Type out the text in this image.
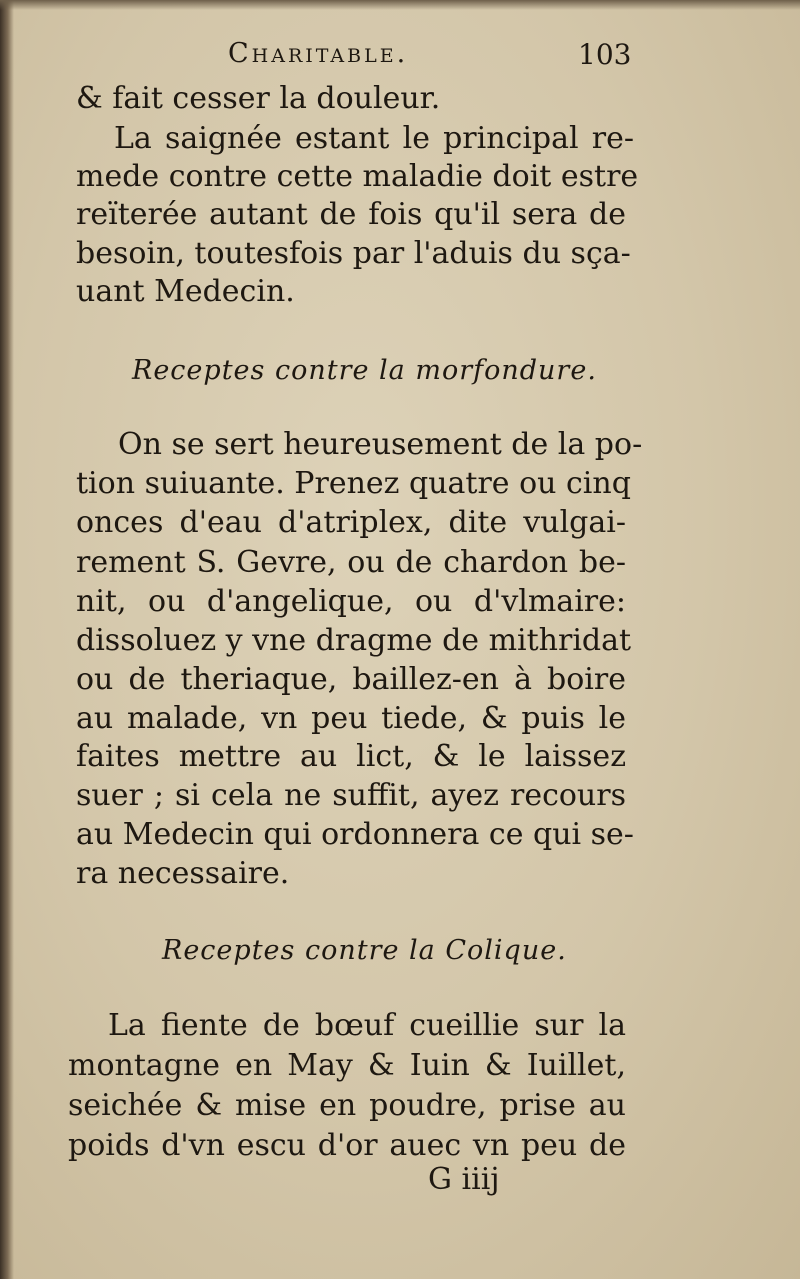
Charitable.	103
& fait cesser la douleur.
La saignée estant le principal re-
mede contre cette maladie doit estre
reïterée autant de fois qu'il sera de
besoin, toutesfois par l'aduis du sça-
uant Medecin.
Receptes contre la morfondure.
On se sert heureusement de la po-
tion suiuante. Prenez quatre ou cinq
onces d'eau d'atriplex, dite vulgai-
rement S. Gevre, ou de chardon be-
nit, ou d'angelique, ou d'vlmaire:
dissoluez y vne dragme de mithridat
ou de theriaque, baillez-en à boire
au malade, vn peu tiede, & puis le
faites mettre au lict, & le laissez
suer ; si cela ne suffit, ayez recours
au Medecin qui ordonnera ce qui se-
ra necessaire.
Receptes contre la Colique.
La fiente de bœuf cueillie sur la
montagne en May & Iuin & Iuillet,
seichée & mise en poudre, prise au
poids d'vn escu d'or auec vn peu de
G iiij
